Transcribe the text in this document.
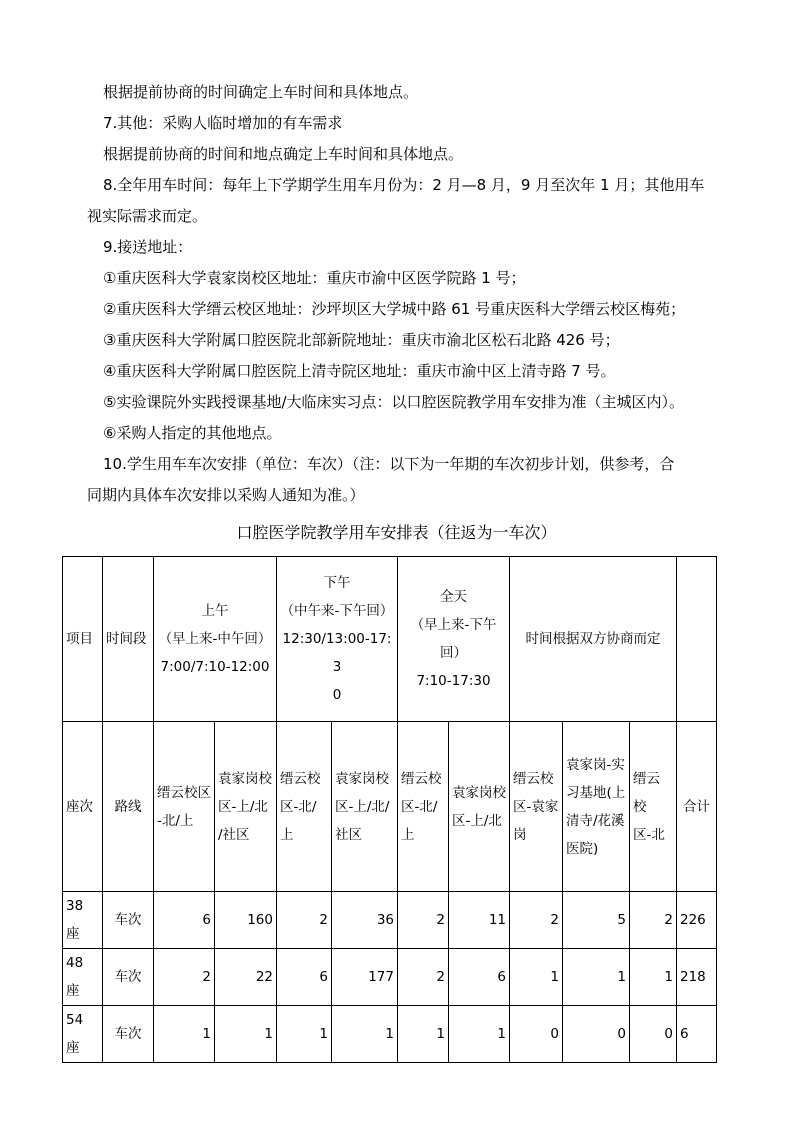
根据提前协商的时间确定上车时间和具体地点。
7.其他：采购人临时增加的有车需求
根据提前协商的时间和地点确定上车时间和具体地点。
8.全年用车时间：每年上下学期学生用车月份为：2 月—8 月，9 月至次年 1 月；其他用车
视实际需求而定。
9.接送地址：
①重庆医科大学袁家岗校区地址：重庆市渝中区医学院路 1 号；
②重庆医科大学缙云校区地址：沙坪坝区大学城中路 61 号重庆医科大学缙云校区梅苑；
③重庆医科大学附属口腔医院北部新院地址：重庆市渝北区松石北路 426 号；
④重庆医科大学附属口腔医院上清寺院区地址：重庆市渝中区上清寺路 7 号。
⑤实验课院外实践授课基地/大临床实习点：以口腔医院教学用车安排为准（主城区内）。
⑥采购人指定的其他地点。
10.学生用车车次安排（单位：车次）（注：以下为一年期的车次初步计划，供参考，合
同期内具体车次安排以采购人通知为准。）
口腔医学院教学用车安排表（往返为一车次）
项目	时间段	上午
（早上来-中午回）
7:00/7:10-12:00		下午
（中午来-下午回）
12:30/13:00-17:3
0		全天
（早上来-下午回）
7:10-17:30		时间根据双方协商而定			
座次	路线	缙云校区
-北/上	袁家岗校
区-上/北
/社区	缙云校
区-北/
上	袁家岗校
区-上/北/
社区	缙云校
区-北/
上	袁家岗校
区-上/北	缙云校
区-袁家
岗	袁家岗-实
习基地(上
清寺/花溪
医院)	缙云校
区-北	合计
38 座	车次	6	160	2	36	2	11	2	5	2	226
48 座	车次	2	22	6	177	2	6	1	1	1	218
54 座	车次	1	1	1	1	1	1	0	0	0	6
